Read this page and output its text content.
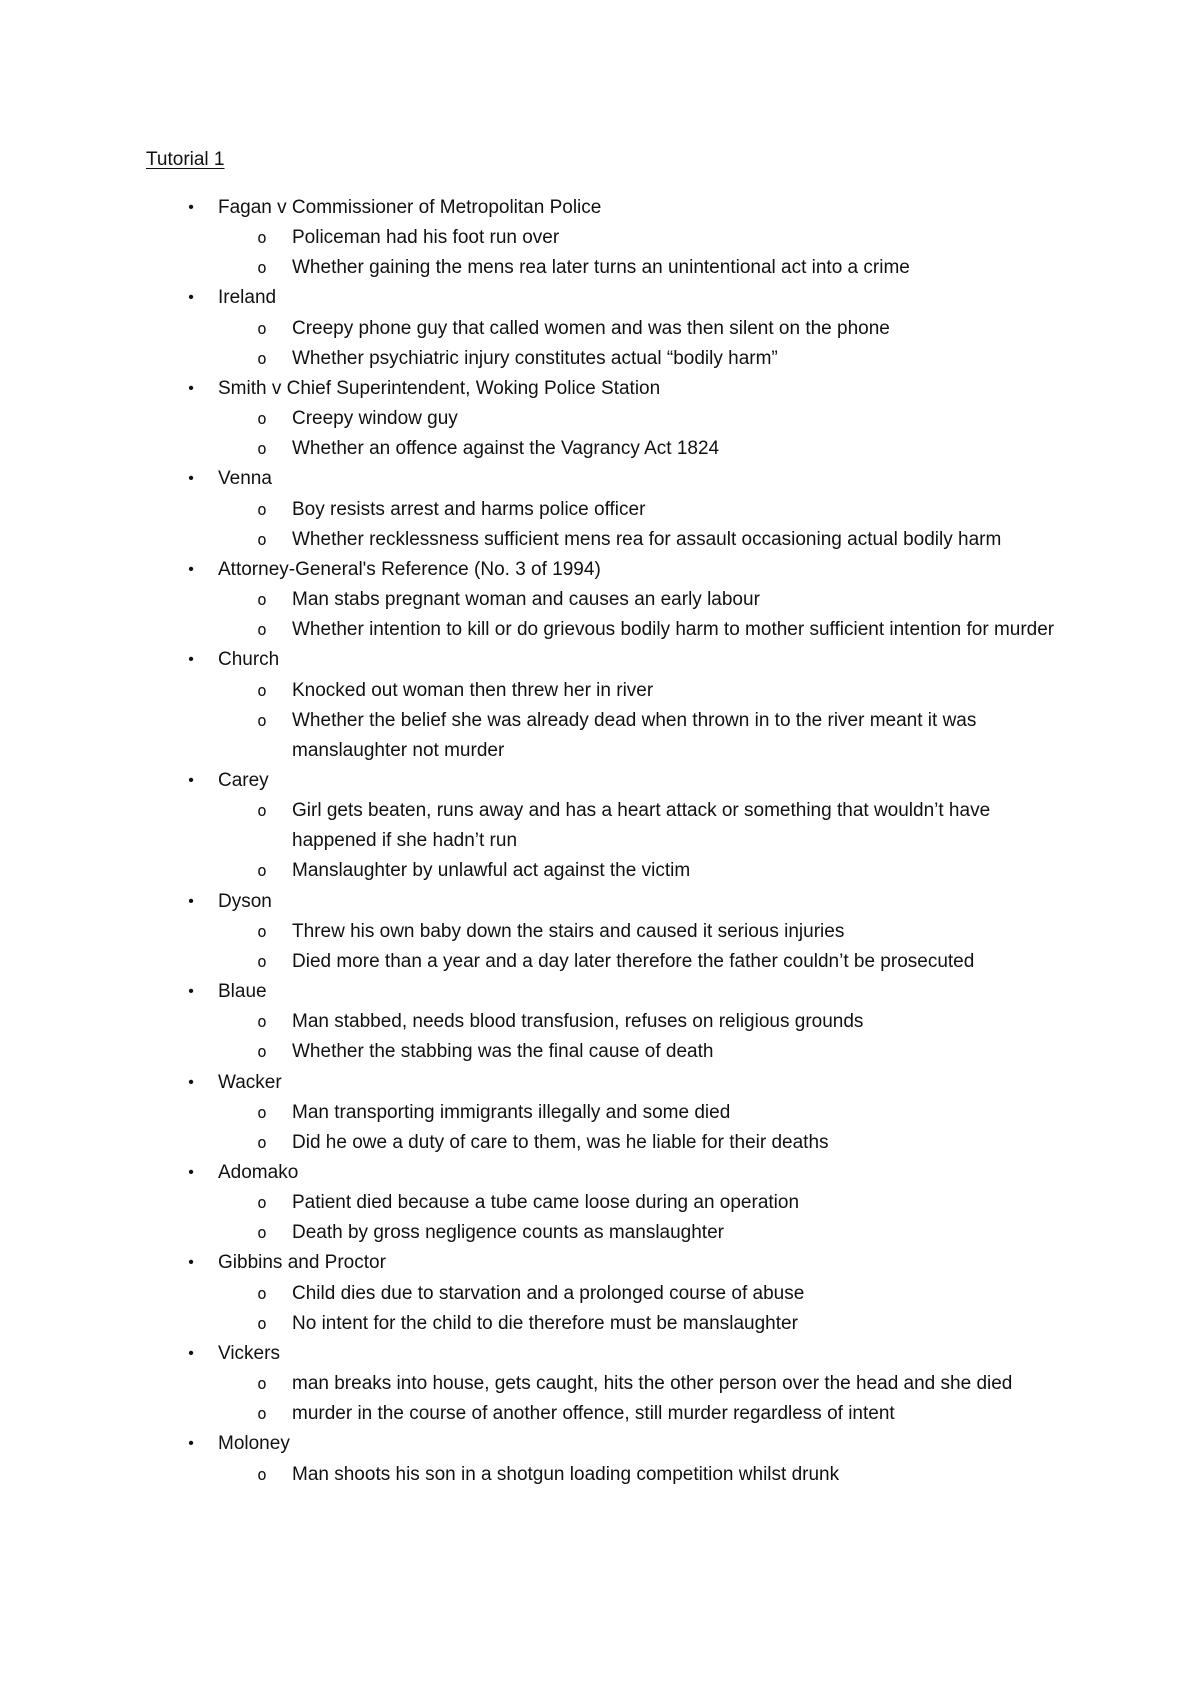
Tutorial 1
• Fagan v Commissioner of Metropolitan Police
o Policeman had his foot run over
o Whether gaining the mens rea later turns an unintentional act into a crime
• Ireland
o Creepy phone guy that called women and was then silent on the phone
o Whether psychiatric injury constitutes actual “bodily harm”
• Smith v Chief Superintendent, Woking Police Station
o Creepy window guy
o Whether an offence against the Vagrancy Act 1824
• Venna
o Boy resists arrest and harms police officer
o Whether recklessness sufficient mens rea for assault occasioning actual bodily harm
• Attorney-General's Reference (No. 3 of 1994)
o Man stabs pregnant woman and causes an early labour
o Whether intention to kill or do grievous bodily harm to mother sufficient intention for murder
• Church
o Knocked out woman then threw her in river
o Whether the belief she was already dead when thrown in to the river meant it was manslaughter not murder
• Carey
o Girl gets beaten, runs away and has a heart attack or something that wouldn’t have happened if she hadn’t run
o Manslaughter by unlawful act against the victim
• Dyson
o Threw his own baby down the stairs and caused it serious injuries
o Died more than a year and a day later therefore the father couldn’t be prosecuted
• Blaue
o Man stabbed, needs blood transfusion, refuses on religious grounds
o Whether the stabbing was the final cause of death
• Wacker
o Man transporting immigrants illegally and some died
o Did he owe a duty of care to them, was he liable for their deaths
• Adomako
o Patient died because a tube came loose during an operation
o Death by gross negligence counts as manslaughter
• Gibbins and Proctor
o Child dies due to starvation and a prolonged course of abuse
o No intent for the child to die therefore must be manslaughter
• Vickers
o man breaks into house, gets caught, hits the other person over the head and she died
o murder in the course of another offence, still murder regardless of intent
• Moloney
o Man shoots his son in a shotgun loading competition whilst drunk
